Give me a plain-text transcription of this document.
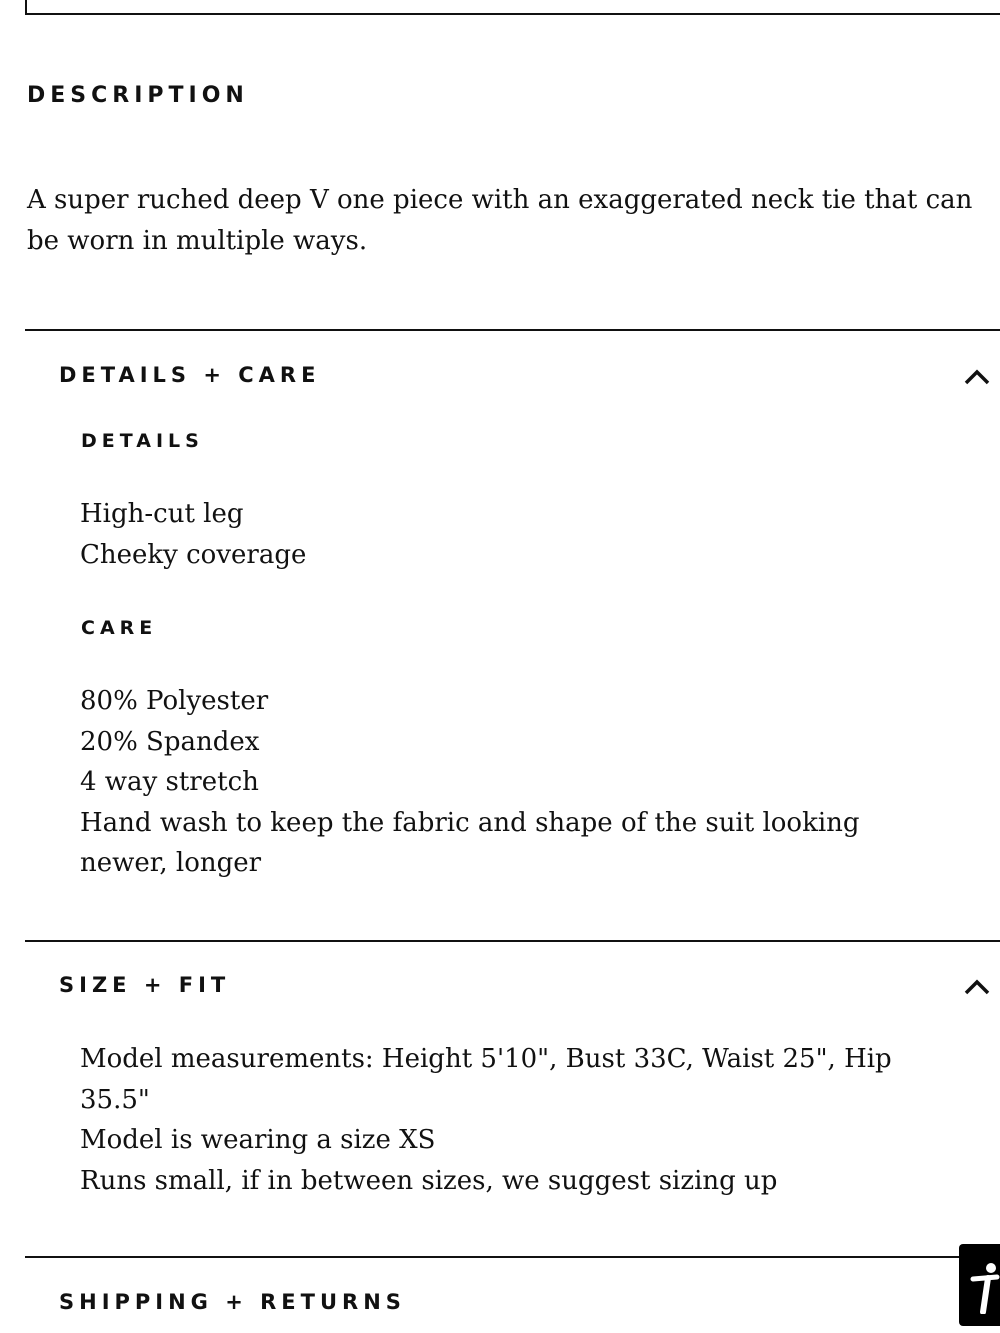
DESCRIPTION
A super ruched deep V one piece with an exaggerated neck tie that can be worn in multiple ways.
DETAILS + CARE
DETAILS
High-cut leg
Cheeky coverage
CARE
80% Polyester
20% Spandex
4 way stretch
Hand wash to keep the fabric and shape of the suit looking newer, longer
SIZE + FIT
Model measurements: Height 5'10", Bust 33C, Waist 25", Hip 35.5"
Model is wearing a size XS
Runs small, if in between sizes, we suggest sizing up
SHIPPING + RETURNS
